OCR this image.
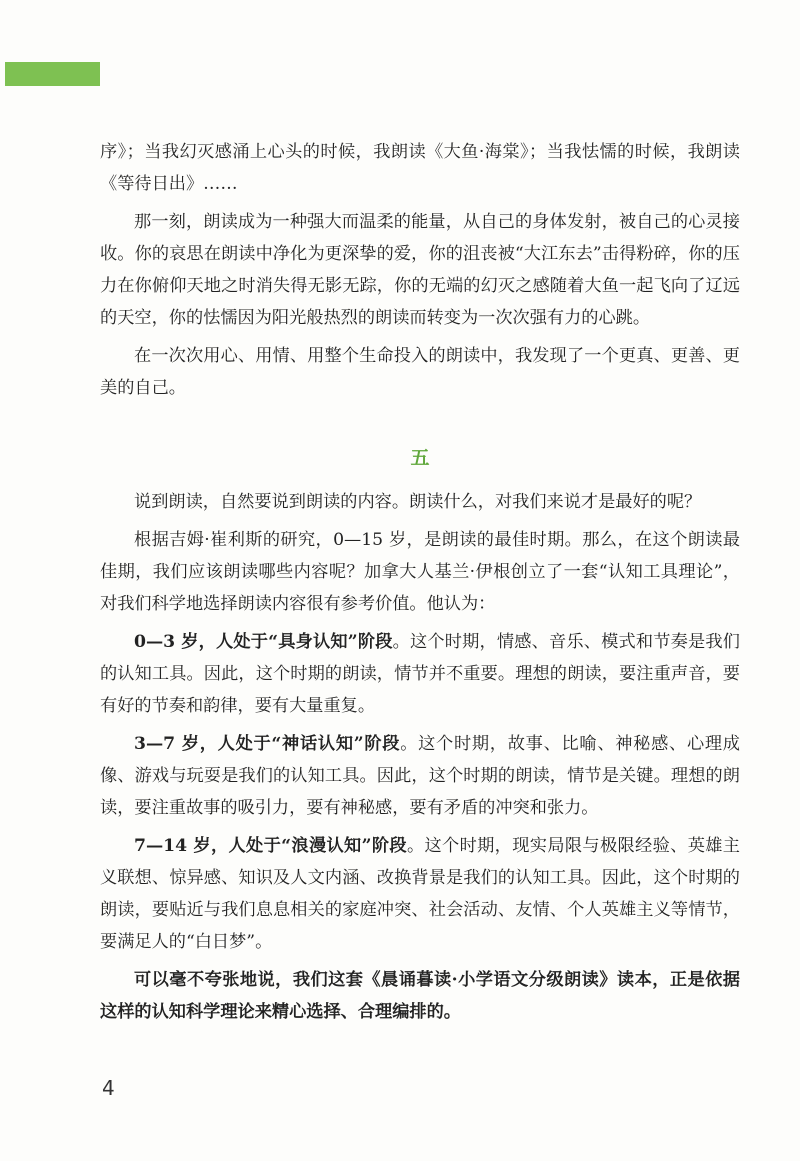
序》；当我幻灭感涌上心头的时候，我朗读《大鱼·海棠》；当我怯懦的时候，我朗读《等待日出》……

那一刻，朗读成为一种强大而温柔的能量，从自己的身体发射，被自己的心灵接收。你的哀思在朗读中净化为更深挚的爱，你的沮丧被“大江东去”击得粉碎，你的压力在你俯仰天地之时消失得无影无踪，你的无端的幻灭之感随着大鱼一起飞向了辽远的天空，你的怯懦因为阳光般热烈的朗读而转变为一次次强有力的心跳。

在一次次用心、用情、用整个生命投入的朗读中，我发现了一个更真、更善、更美的自己。

五

说到朗读，自然要说到朗读的内容。朗读什么，对我们来说才是最好的呢？

根据吉姆·崔利斯的研究，0—15 岁，是朗读的最佳时期。那么，在这个朗读最佳期，我们应该朗读哪些内容呢？加拿大人基兰·伊根创立了一套“认知工具理论”，对我们科学地选择朗读内容很有参考价值。他认为：

0—3 岁，人处于“具身认知”阶段。这个时期，情感、音乐、模式和节奏是我们的认知工具。因此，这个时期的朗读，情节并不重要。理想的朗读，要注重声音，要有好的节奏和韵律，要有大量重复。

3—7 岁，人处于“神话认知”阶段。这个时期，故事、比喻、神秘感、心理成像、游戏与玩耍是我们的认知工具。因此，这个时期的朗读，情节是关键。理想的朗读，要注重故事的吸引力，要有神秘感，要有矛盾的冲突和张力。

7—14 岁，人处于“浪漫认知”阶段。这个时期，现实局限与极限经验、英雄主义联想、惊异感、知识及人文内涵、改换背景是我们的认知工具。因此，这个时期的朗读，要贴近与我们息息相关的家庭冲突、社会活动、友情、个人英雄主义等情节，要满足人的“白日梦”。

可以毫不夸张地说，我们这套《晨诵暮读·小学语文分级朗读》读本，正是依据这样的认知科学理论来精心选择、合理编排的。

4
